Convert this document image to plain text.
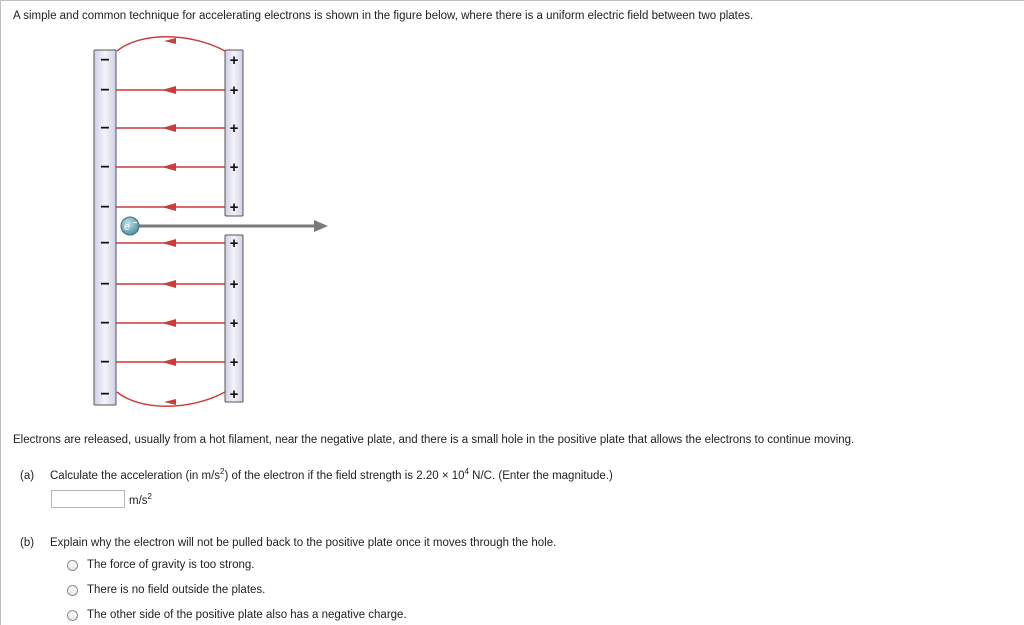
A simple and common technique for accelerating electrons is shown in the figure below, where there is a uniform electric field between two plates.
−
−
−
−
−
−
−
−
−
−
+
+
+
+
+
+
+
+
+
+
e −
Electrons are released, usually from a hot filament, near the negative plate, and there is a small hole in the positive plate that allows the electrons to continue moving.
(a) Calculate the acceleration (in $m/s^2$) of the electron if the field strength is $2.20 \times 10^4$ N/C. (Enter the magnitude.)
$m/s^2$
(b) Explain why the electron will not be pulled back to the positive plate once it moves through the hole.
The force of gravity is too strong.
There is no field outside the plates.
The other side of the positive plate also has a negative charge.
